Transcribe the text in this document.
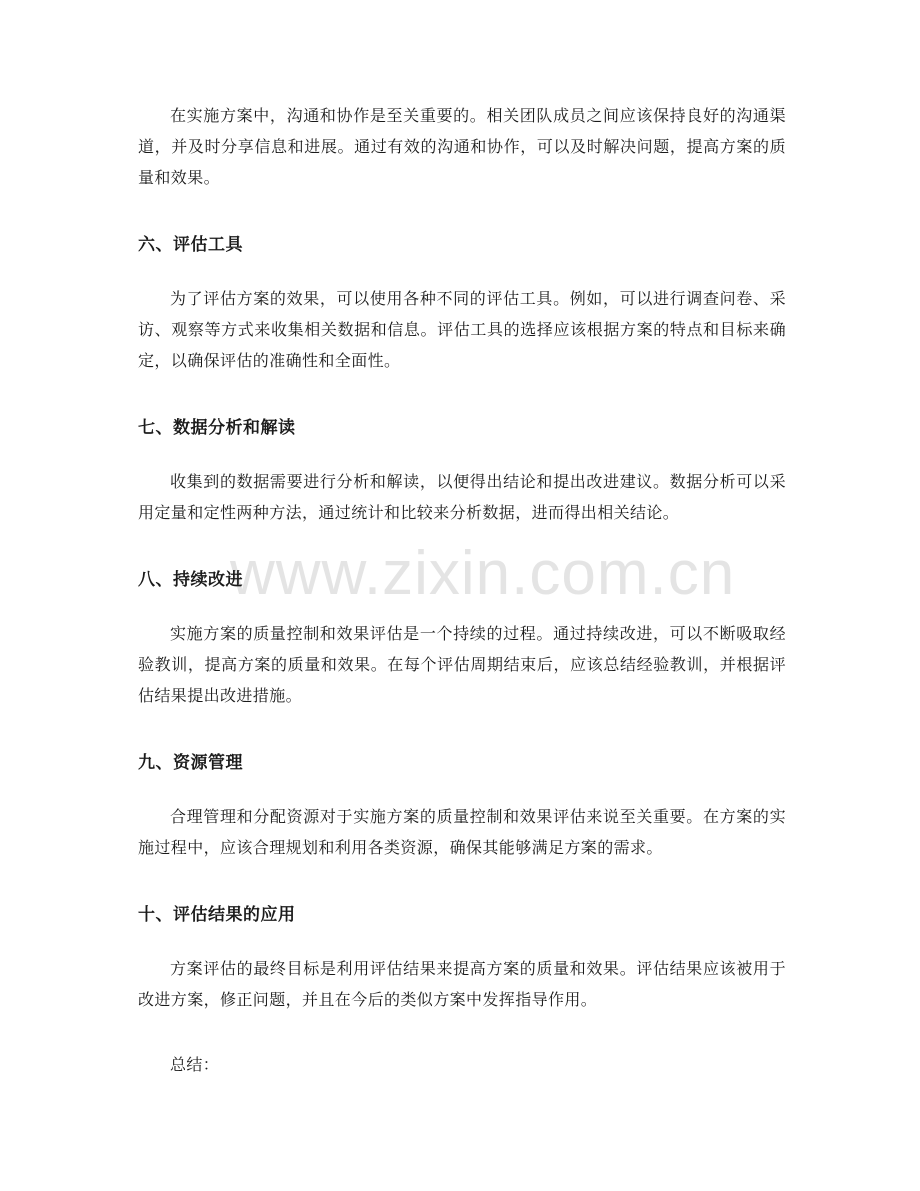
www.zixin.com.cn

在实施方案中，沟通和协作是至关重要的。相关团队成员之间应该保持良好的沟通渠道，并及时分享信息和进展。通过有效的沟通和协作，可以及时解决问题，提高方案的质量和效果。

六、评估工具

为了评估方案的效果，可以使用各种不同的评估工具。例如，可以进行调查问卷、采访、观察等方式来收集相关数据和信息。评估工具的选择应该根据方案的特点和目标来确定，以确保评估的准确性和全面性。

七、数据分析和解读

收集到的数据需要进行分析和解读，以便得出结论和提出改进建议。数据分析可以采用定量和定性两种方法，通过统计和比较来分析数据，进而得出相关结论。

八、持续改进

实施方案的质量控制和效果评估是一个持续的过程。通过持续改进，可以不断吸取经验教训，提高方案的质量和效果。在每个评估周期结束后，应该总结经验教训，并根据评估结果提出改进措施。

九、资源管理

合理管理和分配资源对于实施方案的质量控制和效果评估来说至关重要。在方案的实施过程中，应该合理规划和利用各类资源，确保其能够满足方案的需求。

十、评估结果的应用

方案评估的最终目标是利用评估结果来提高方案的质量和效果。评估结果应该被用于改进方案，修正问题，并且在今后的类似方案中发挥指导作用。

总结：
